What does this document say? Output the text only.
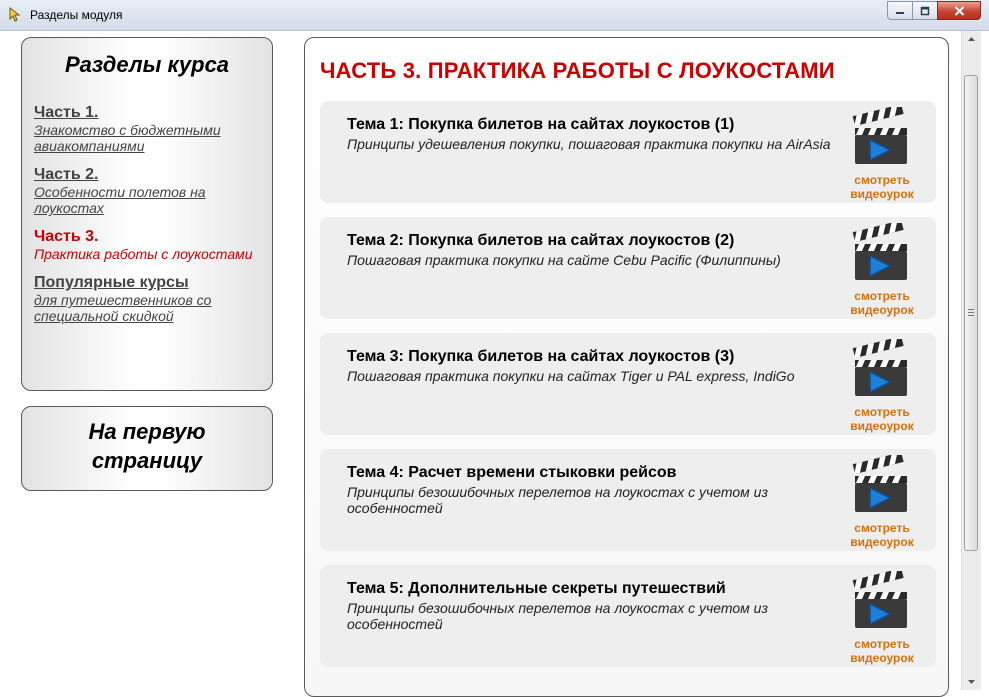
Разделы модуля
Разделы курса
Часть 1.
Знакомство с бюджетными авиакомпаниями
Часть 2.
Особенности полетов на лоукостах
Часть 3.
Практика работы с лоукостами
Популярные курсы
для путешественников со специальной скидкой
На первую
страницу
ЧАСТЬ 3. ПРАКТИКА РАБОТЫ С ЛОУКОСТАМИ
Тема 1: Покупка билетов на сайтах лоукостов (1)
Принципы удешевления покупки, пошаговая практика покупки на AirAsia
смотреть
видеоурок
Тема 2: Покупка билетов на сайтах лоукостов (2)
Пошаговая практика покупки на сайте Cebu Pacific (Филиппины)
смотреть
видеоурок
Тема 3: Покупка билетов на сайтах лоукостов (3)
Пошаговая практика покупки на сайтах Tiger и PAL express, IndiGo
смотреть
видеоурок
Тема 4: Расчет времени стыковки рейсов
Принципы безошибочных перелетов на лоукостах с учетом из особенностей
смотреть
видеоурок
Тема 5: Дополнительные секреты путешествий
Принципы безошибочных перелетов на лоукостах с учетом из особенностей
смотреть
видеоурок
